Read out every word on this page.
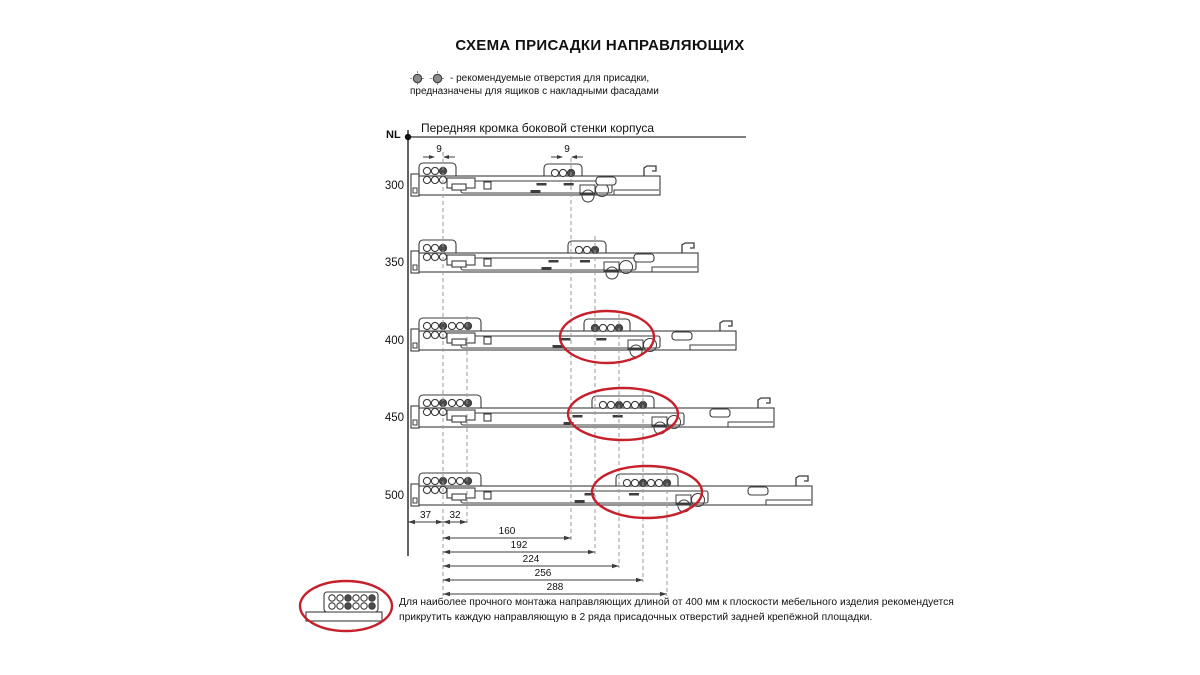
9	9
300
350
400
450
500
37 32
160
192
224
256
288
СХЕМА ПРИСАДКИ НАПРАВЛЯЮЩИХ
- рекомендуемые отверстия для присадки,
предназначены для ящиков с накладными фасадами
Передняя кромка боковой стенки корпуса
NL
Для наиболее прочного монтажа направляющих длиной от 400 мм к плоскости мебельного изделия рекомендуется
прикрутить каждую направляющую в 2 ряда присадочных отверстий задней крепёжной площадки.
